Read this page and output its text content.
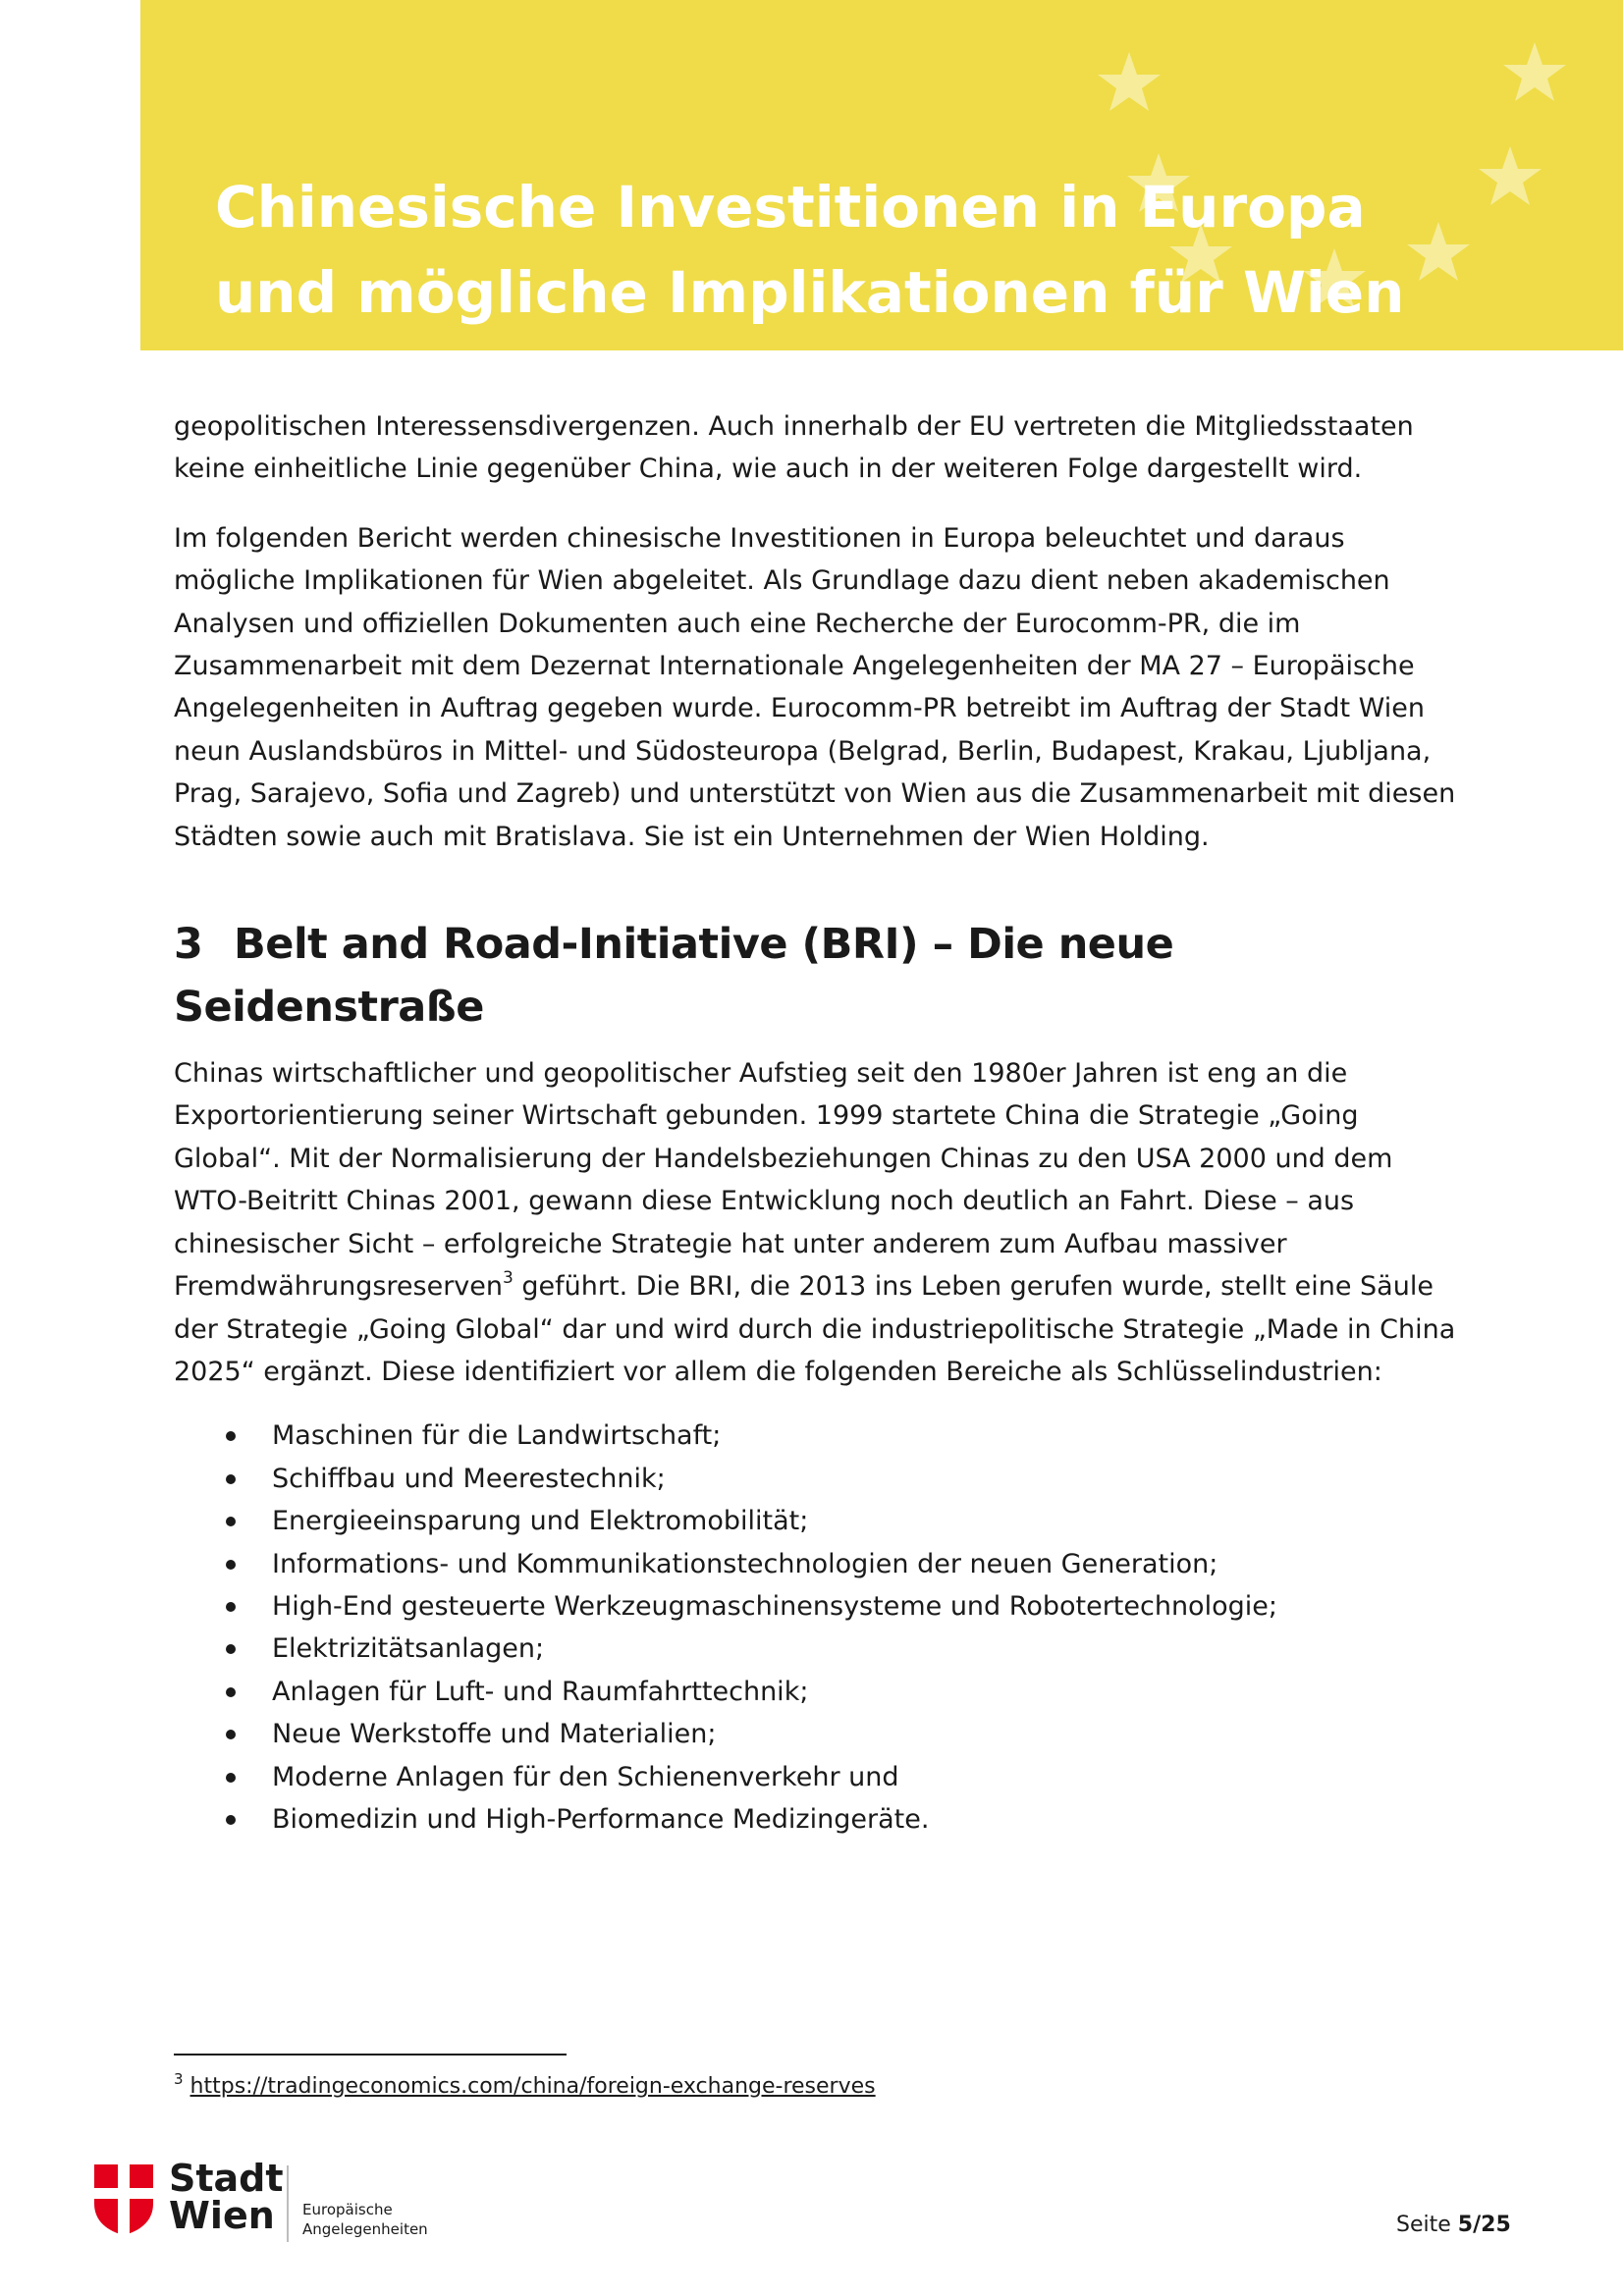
Chinesische Investitionen in Europa
und mögliche Implikationen für Wien

geopolitischen Interessensdivergenzen. Auch innerhalb der EU vertreten die Mitgliedsstaaten keine einheitliche Linie gegenüber China, wie auch in der weiteren Folge dargestellt wird.

Im folgenden Bericht werden chinesische Investitionen in Europa beleuchtet und daraus mögliche Implikationen für Wien abgeleitet. Als Grundlage dazu dient neben akademischen Analysen und offiziellen Dokumenten auch eine Recherche der Eurocomm-PR, die im Zusammenarbeit mit dem Dezernat Internationale Angelegenheiten der MA 27 – Europäische Angelegenheiten in Auftrag gegeben wurde. Eurocomm-PR betreibt im Auftrag der Stadt Wien neun Auslandsbüros in Mittel- und Südosteuropa (Belgrad, Berlin, Budapest, Krakau, Ljubljana, Prag, Sarajevo, Sofia und Zagreb) und unterstützt von Wien aus die Zusammenarbeit mit diesen Städten sowie auch mit Bratislava. Sie ist ein Unternehmen der Wien Holding.

3 Belt and Road-Initiative (BRI) – Die neue Seidenstraße

Chinas wirtschaftlicher und geopolitischer Aufstieg seit den 1980er Jahren ist eng an die Exportorientierung seiner Wirtschaft gebunden. 1999 startete China die Strategie „Going Global“. Mit der Normalisierung der Handelsbeziehungen Chinas zu den USA 2000 und dem WTO-Beitritt Chinas 2001, gewann diese Entwicklung noch deutlich an Fahrt. Diese – aus chinesischer Sicht – erfolgreiche Strategie hat unter anderem zum Aufbau massiver Fremdwährungsreserven$^3$ geführt. Die BRI, die 2013 ins Leben gerufen wurde, stellt eine Säule der Strategie „Going Global“ dar und wird durch die industriepolitische Strategie „Made in China 2025“ ergänzt. Diese identifiziert vor allem die folgenden Bereiche als Schlüsselindustrien:

Maschinen für die Landwirtschaft;
Schiffbau und Meerestechnik;
Energieeinsparung und Elektromobilität;
Informations- und Kommunikationstechnologien der neuen Generation;
High-End gesteuerte Werkzeugmaschinensysteme und Robotertechnologie;
Elektrizitätsanlagen;
Anlagen für Luft- und Raumfahrttechnik;
Neue Werkstoffe und Materialien;
Moderne Anlagen für den Schienenverkehr und
Biomedizin und High-Performance Medizingeräte.
$^3$ https://tradingeconomics.com/china/foreign-exchange-reserves
Stadt
Wien	Europäische
Angelegenheiten	Seite 5/25
